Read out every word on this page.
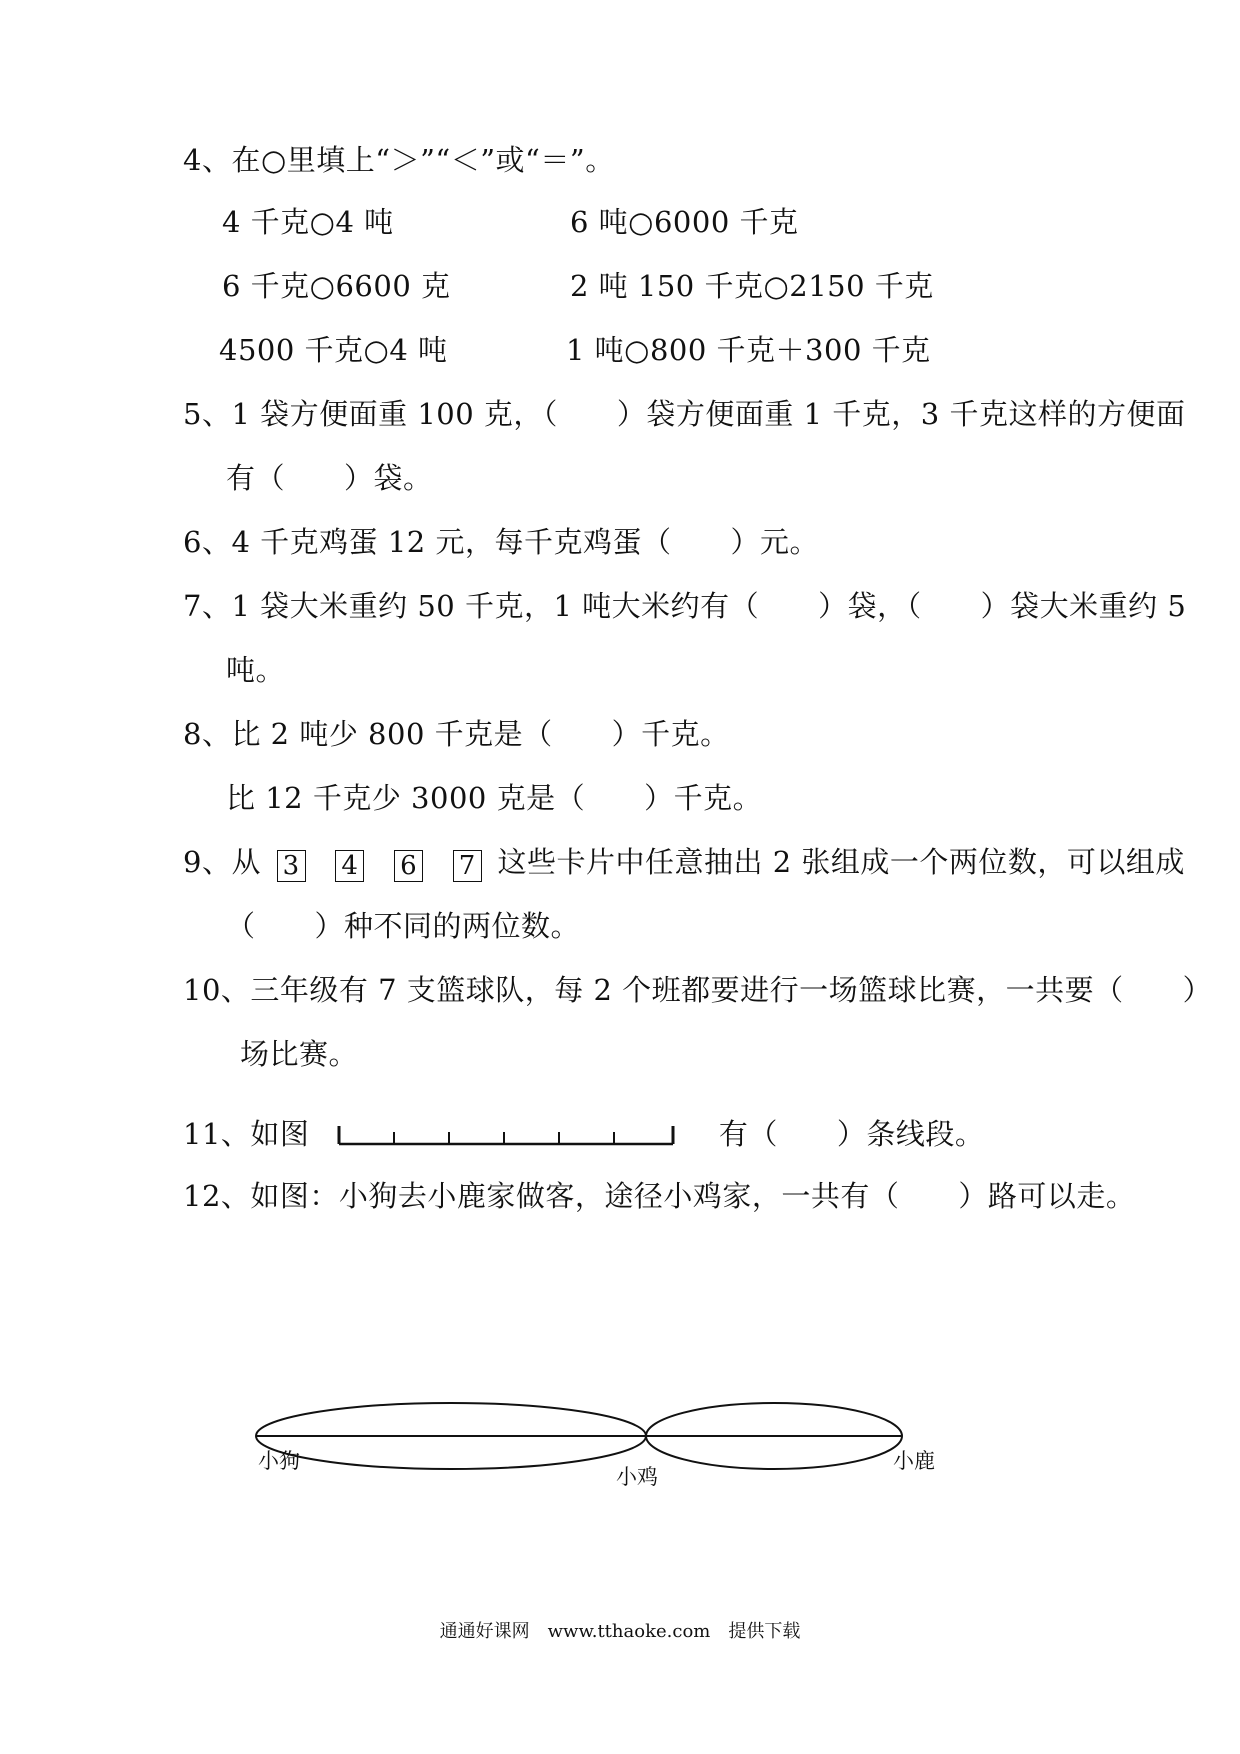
4、在○里填上“＞”“＜”或“＝”。
4 千克○4 吨	6 吨○6000 千克
6 千克○6600 克	2 吨 150 千克○2150 千克
4500 千克○4 吨	1 吨○800 千克＋300 千克
5、1 袋方便面重 100 克，（　　）袋方便面重 1 千克，3 千克这样的方便面
有（　　）袋。
6、4 千克鸡蛋 12 元，每千克鸡蛋（　　）元。
7、1 袋大米重约 50 千克，1 吨大米约有（　　）袋，（　　）袋大米重约 5
吨。
8、比 2 吨少 800 千克是（　　）千克。
比 12 千克少 3000 克是（　　）千克。
9、从 3 4 6 7 这些卡片中任意抽出 2 张组成一个两位数，可以组成
（　　）种不同的两位数。
10、三年级有 7 支篮球队，每 2 个班都要进行一场篮球比赛，一共要（　　）
场比赛。
11、如图	有（　　）条线段。
12、如图：小狗去小鹿家做客，途径小鸡家，一共有（　　）路可以走。
小狗
小鸡
小鹿
通通好课网　www.tthaoke.com　提供下载
